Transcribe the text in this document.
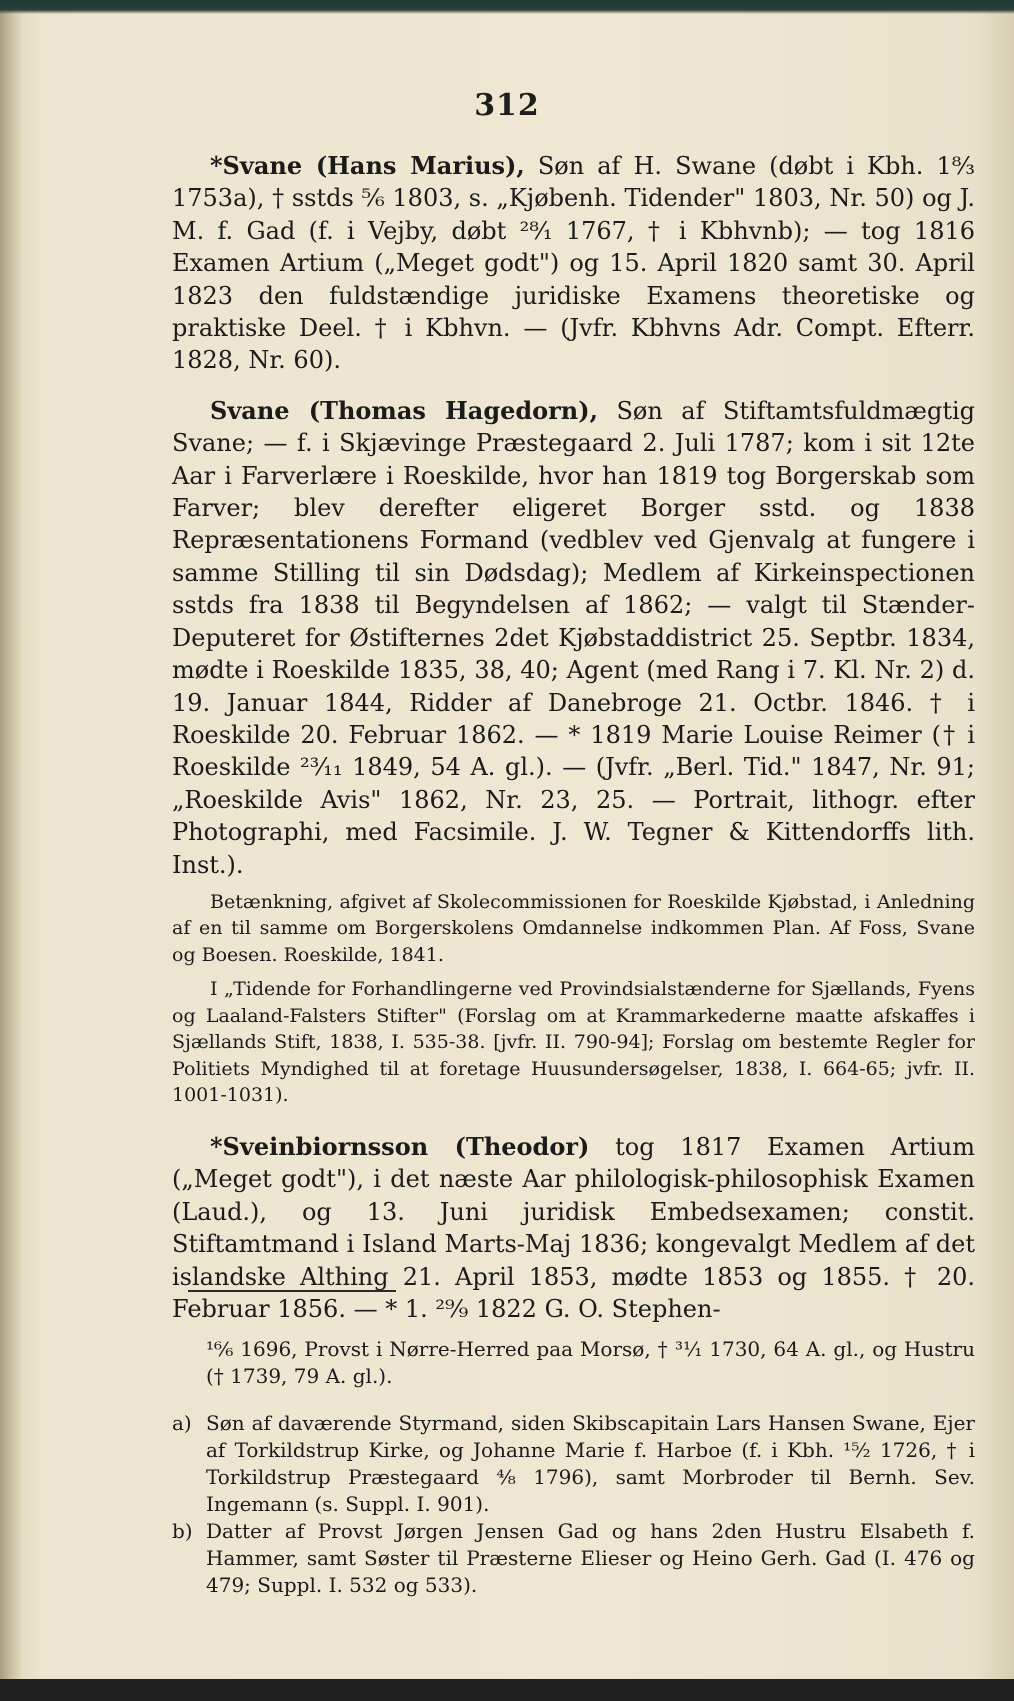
312

*Svane (Hans Marius), Søn af H. Swane (døbt i Kbh. 1⁸⁄₃ 1753a), † sstds ⁵⁄₆ 1803, s. „Kjøbenh. Tidender" 1803, Nr. 50) og J. M. f. Gad (f. i Vejby, døbt ²⁸⁄₁ 1767, † i Kbhvnb); — tog 1816 Examen Artium („Meget godt") og 15. April 1820 samt 30. April 1823 den fuldstændige juridiske Examens theoretiske og praktiske Deel. † i Kbhvn. — (Jvfr. Kbhvns Adr. Compt. Efterr. 1828, Nr. 60).

Svane (Thomas Hagedorn), Søn af Stiftamtsfuldmægtig Svane; — f. i Skjævinge Præstegaard 2. Juli 1787; kom i sit 12te Aar i Farverlære i Roeskilde, hvor han 1819 tog Borgerskab som Farver; blev derefter eligeret Borger sstd. og 1838 Repræsentationens Formand (vedblev ved Gjenvalg at fungere i samme Stilling til sin Dødsdag); Medlem af Kirkeinspectionen sstds fra 1838 til Begyndelsen af 1862; — valgt til Stænder-Deputeret for Østifternes 2det Kjøbstaddistrict 25. Septbr. 1834, mødte i Roeskilde 1835, 38, 40; Agent (med Rang i 7. Kl. Nr. 2) d. 19. Januar 1844, Ridder af Danebroge 21. Octbr. 1846. † i Roeskilde 20. Februar 1862. — * 1819 Marie Louise Reimer († i Roeskilde ²³⁄₁₁ 1849, 54 A. gl.). — (Jvfr. „Berl. Tid." 1847, Nr. 91; „Roeskilde Avis" 1862, Nr. 23, 25. — Portrait, lithogr. efter Photographi, med Facsimile. J. W. Tegner & Kittendorffs lith. Inst.).

Betænkning, afgivet af Skolecommissionen for Roeskilde Kjøbstad, i Anledning af en til samme om Borgerskolens Omdannelse indkommen Plan. Af Foss, Svane og Boesen. Roeskilde, 1841.

I „Tidende for Forhandlingerne ved Provindsialstænderne for Sjællands, Fyens og Laaland-Falsters Stifter" (Forslag om at Krammarkederne maatte afskaffes i Sjællands Stift, 1838, I. 535-38. [jvfr. II. 790-94]; Forslag om bestemte Regler for Politiets Myndighed til at foretage Huusundersøgelser, 1838, I. 664-65; jvfr. II. 1001-1031).

*Sveinbiornsson (Theodor) tog 1817 Examen Artium („Meget godt"), i det næste Aar philologisk-philosophisk Examen (Laud.), og 13. Juni juridisk Embedsexamen; constit. Stiftamtmand i Island Marts-Maj 1836; kongevalgt Medlem af det islandske Althing 21. April 1853, mødte 1853 og 1855. † 20. Februar 1856. — * 1. ²⁹⁄₉ 1822 G. O. Stephen-

¹⁶⁄₆ 1696, Provst i Nørre-Herred paa Morsø, † ³¹⁄₁ 1730, 64 A. gl., og Hustru († 1739, 79 A. gl.).

a) Søn af daværende Styrmand, siden Skibscapitain Lars Hansen Swane, Ejer af Torkildstrup Kirke, og Johanne Marie f. Harboe (f. i Kbh. ¹⁵⁄₂ 1726, † i Torkildstrup Præstegaard ⁴⁄₈ 1796), samt Morbroder til Bernh. Sev. Ingemann (s. Suppl. I. 901).
b) Datter af Provst Jørgen Jensen Gad og hans 2den Hustru Elsabeth f. Hammer, samt Søster til Præsterne Elieser og Heino Gerh. Gad (I. 476 og 479; Suppl. I. 532 og 533).
